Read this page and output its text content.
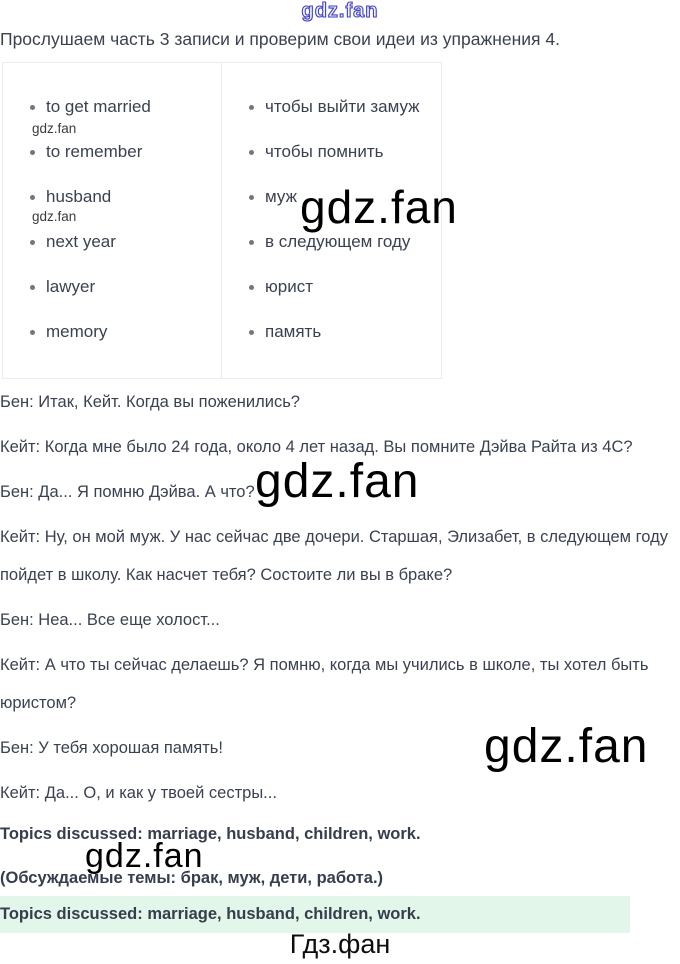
gdz.fan
Прослушаем часть 3 записи и проверим свои идеи из упражнения 4.
to get married
to remember
husband
next year
lawyer
memory
чтобы выйти замуж
чтобы помнить
муж
в следующем году
юрист
память
gdz.fan
gdz.fan

Бен: Итак, Кейт. Когда вы поженились?

Кейт: Когда мне было 24 года, около 4 лет назад. Вы помните Дэйва Райта из 4C?

Бен: Да... Я помню Дэйва. А что?

Кейт: Ну, он мой муж. У нас сейчас две дочери. Старшая, Элизабет, в следующем году пойдет в школу. Как насчет тебя? Состоите ли вы в браке?

Бен: Неа... Все еще холост...

Кейт: А что ты сейчас делаешь? Я помню, когда мы учились в школе, ты хотел быть юристом?

Бен: У тебя хорошая память!

Кейт: Да... О, и как у твоей сестры...

gdz.fan
gdz.fan
gdz.fan
gdz.fan
Topics discussed: marriage, husband, children, work.
(Обсуждаемые темы: брак, муж, дети, работа.)
Topics discussed: marriage, husband, children, work.
Гдз.фан
